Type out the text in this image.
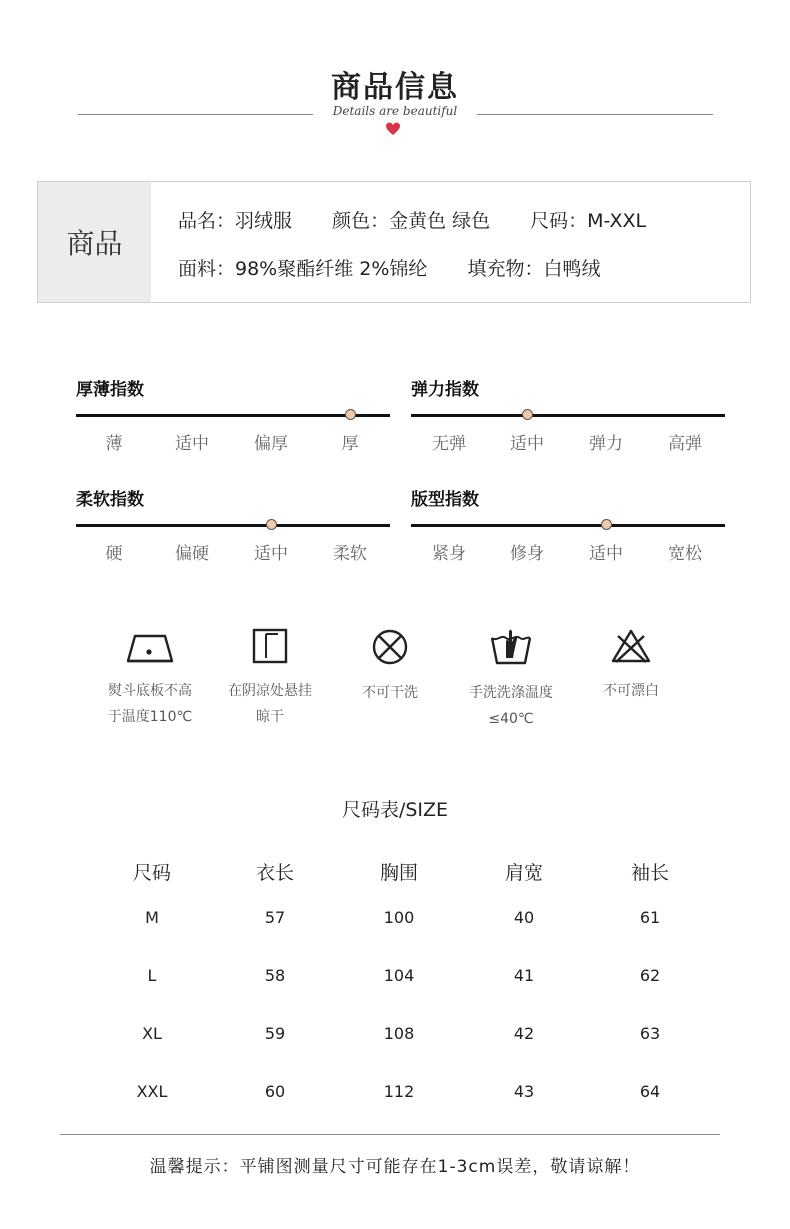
商品信息
Details are beautiful
商品
品名：羽绒服 颜色：金黄色 绿色 尺码：M-XXL
面料：98%聚酯纤维 2%锦纶 填充物：白鸭绒
厚薄指数
薄	适中	偏厚	厚
弹力指数
无弹	适中	弹力	高弹
柔软指数
硬	偏硬	适中	柔软
版型指数
紧身	修身	适中	宽松
熨斗底板不高
于温度110℃
在阴凉处悬挂
晾干
不可干洗	手洗洗涤温度
≤40℃
不可漂白
尺码表/SIZE
尺码	衣长	胸围	肩宽	袖长
M	57	100	40	61
L	58	104	41	62
XL	59	108	42	63
XXL	60	112	43	64
温馨提示：平铺图测量尺寸可能存在1-3cm误差，敬请谅解！
